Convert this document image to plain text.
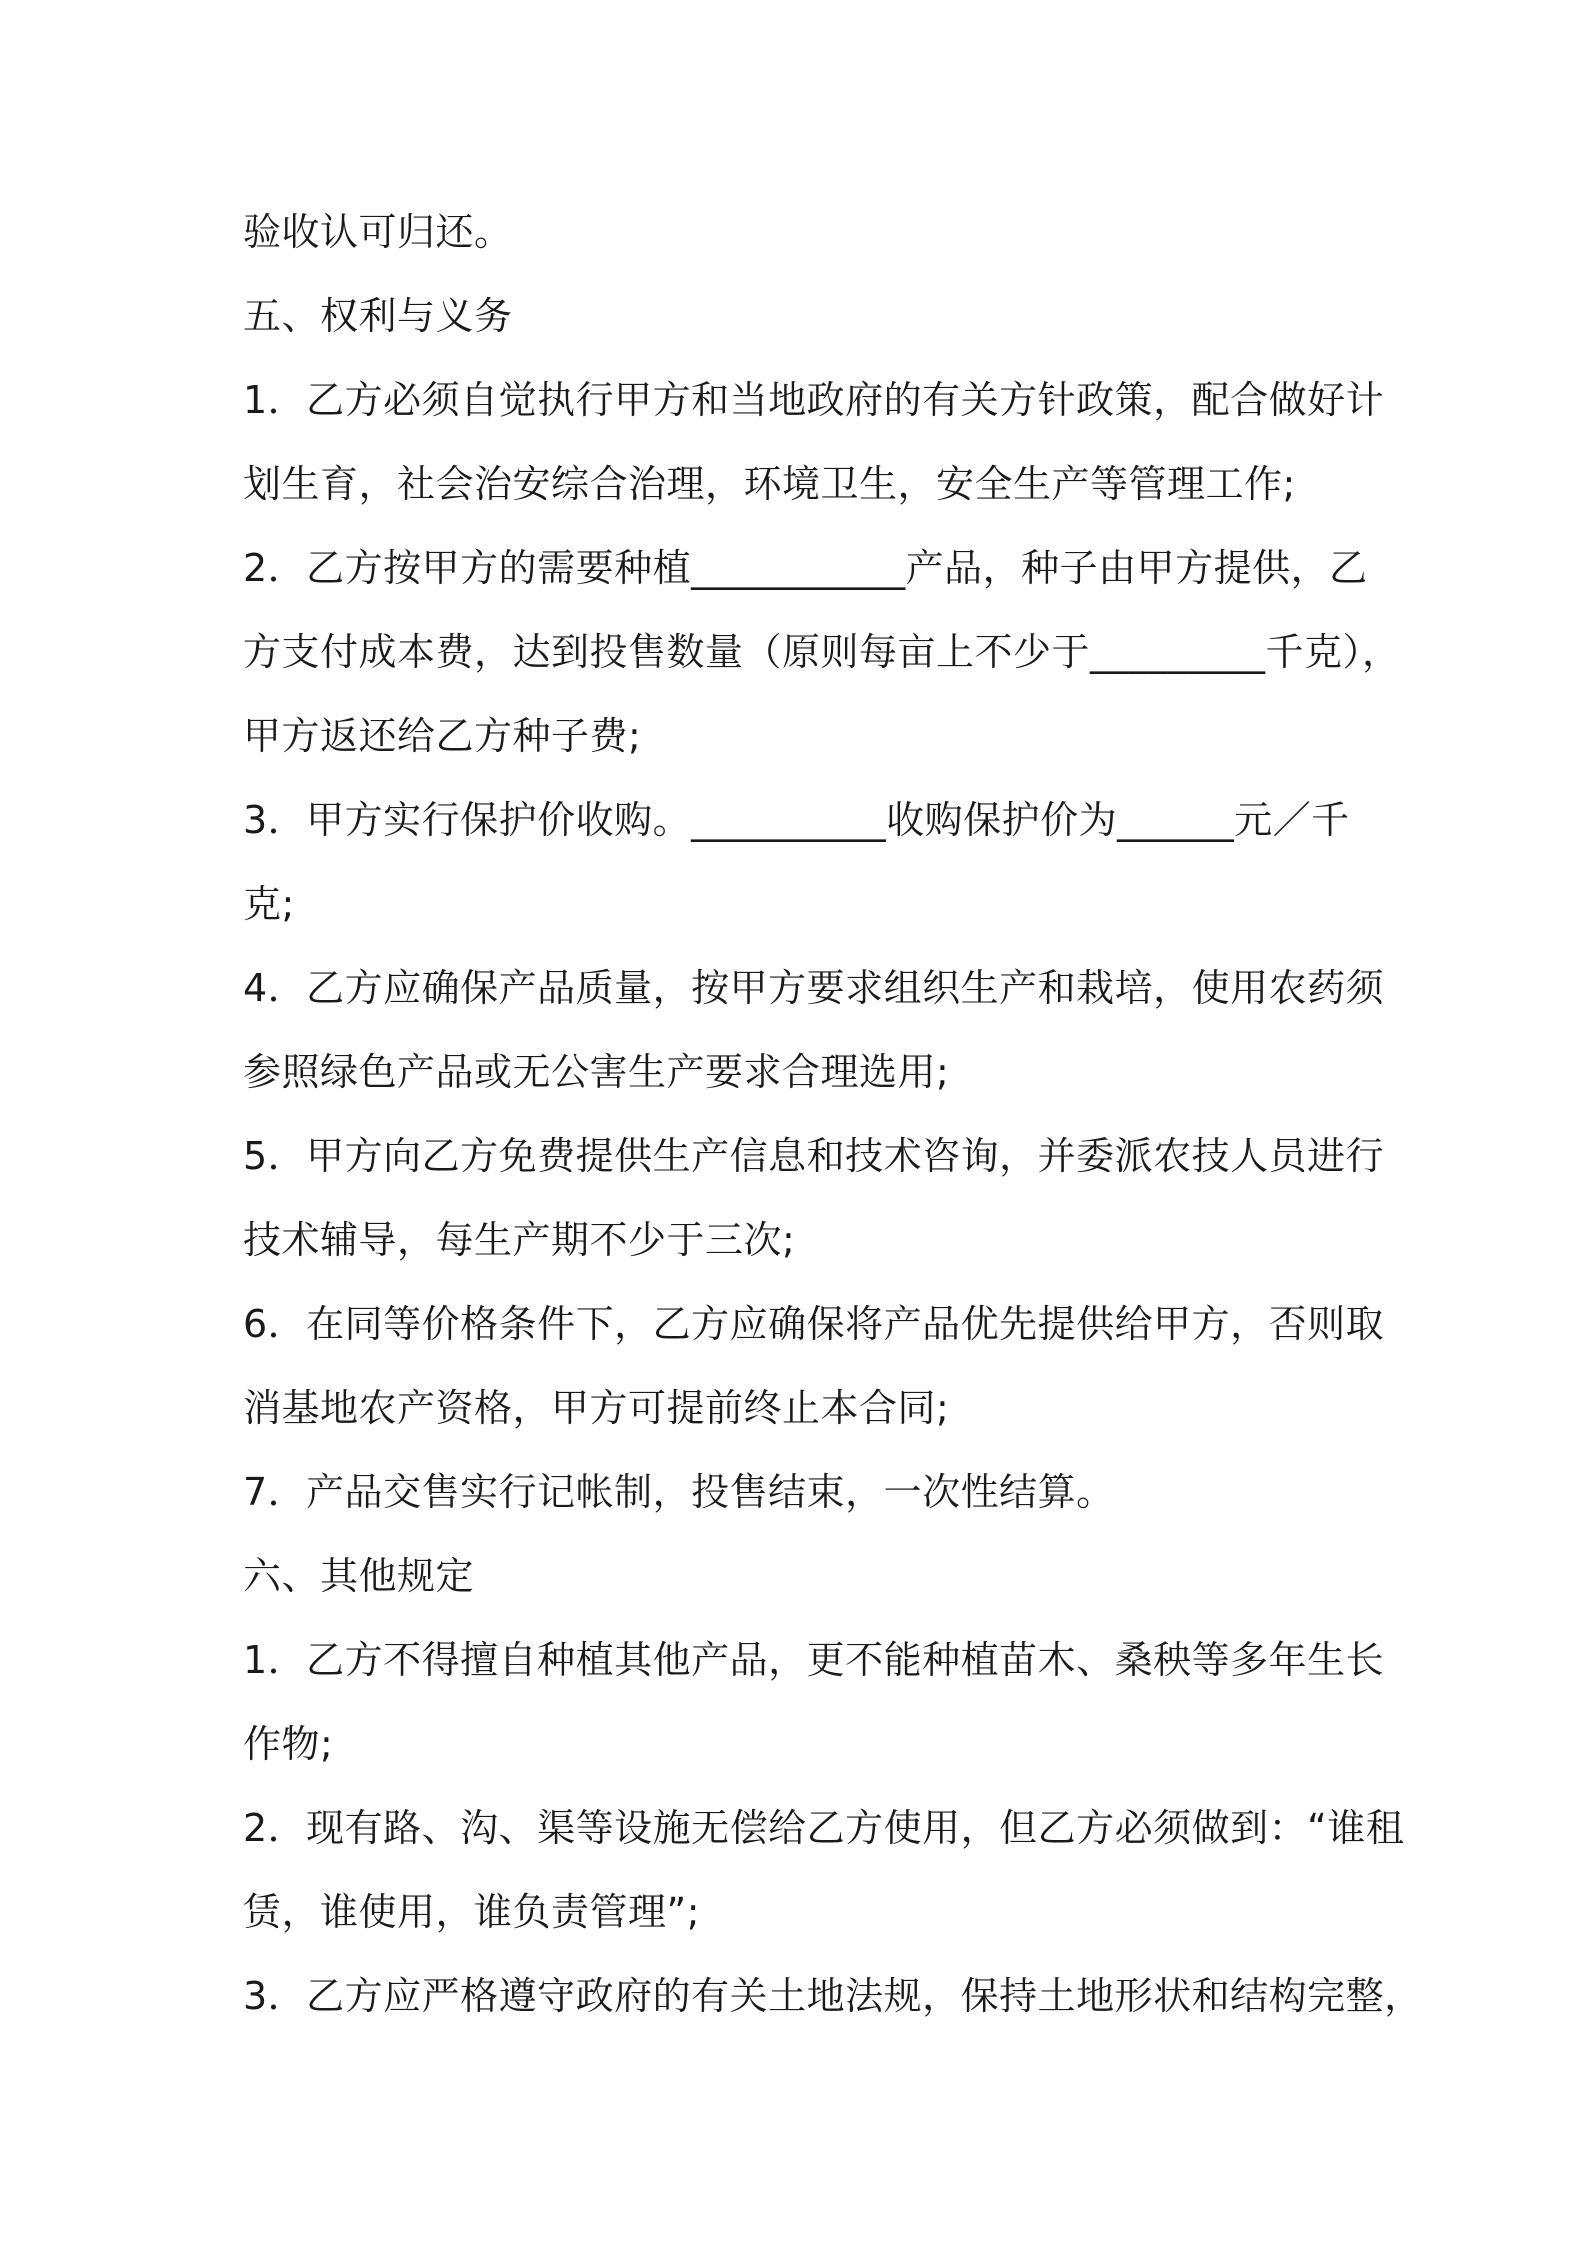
验收认可归还。
五、权利与义务
1．乙方必须自觉执行甲方和当地政府的有关方针政策，配合做好计
划生育，社会治安综合治理，环境卫生，安全生产等管理工作;
2．乙方按甲方的需要种植___________产品，种子由甲方提供，乙
方支付成本费，达到投售数量（原则每亩上不少于_________千克），
甲方返还给乙方种子费;
3．甲方实行保护价收购。__________收购保护价为______元／千
克;
4．乙方应确保产品质量，按甲方要求组织生产和栽培，使用农药须
参照绿色产品或无公害生产要求合理选用;
5．甲方向乙方免费提供生产信息和技术咨询，并委派农技人员进行
技术辅导，每生产期不少于三次;
6．在同等价格条件下，乙方应确保将产品优先提供给甲方，否则取
消基地农产资格，甲方可提前终止本合同;
7．产品交售实行记帐制，投售结束，一次性结算。
六、其他规定
1．乙方不得擅自种植其他产品，更不能种植苗木、桑秧等多年生长
作物;
2．现有路、沟、渠等设施无偿给乙方使用，但乙方必须做到：“谁租
赁，谁使用，谁负责管理”;
3．乙方应严格遵守政府的有关土地法规，保持土地形状和结构完整，
